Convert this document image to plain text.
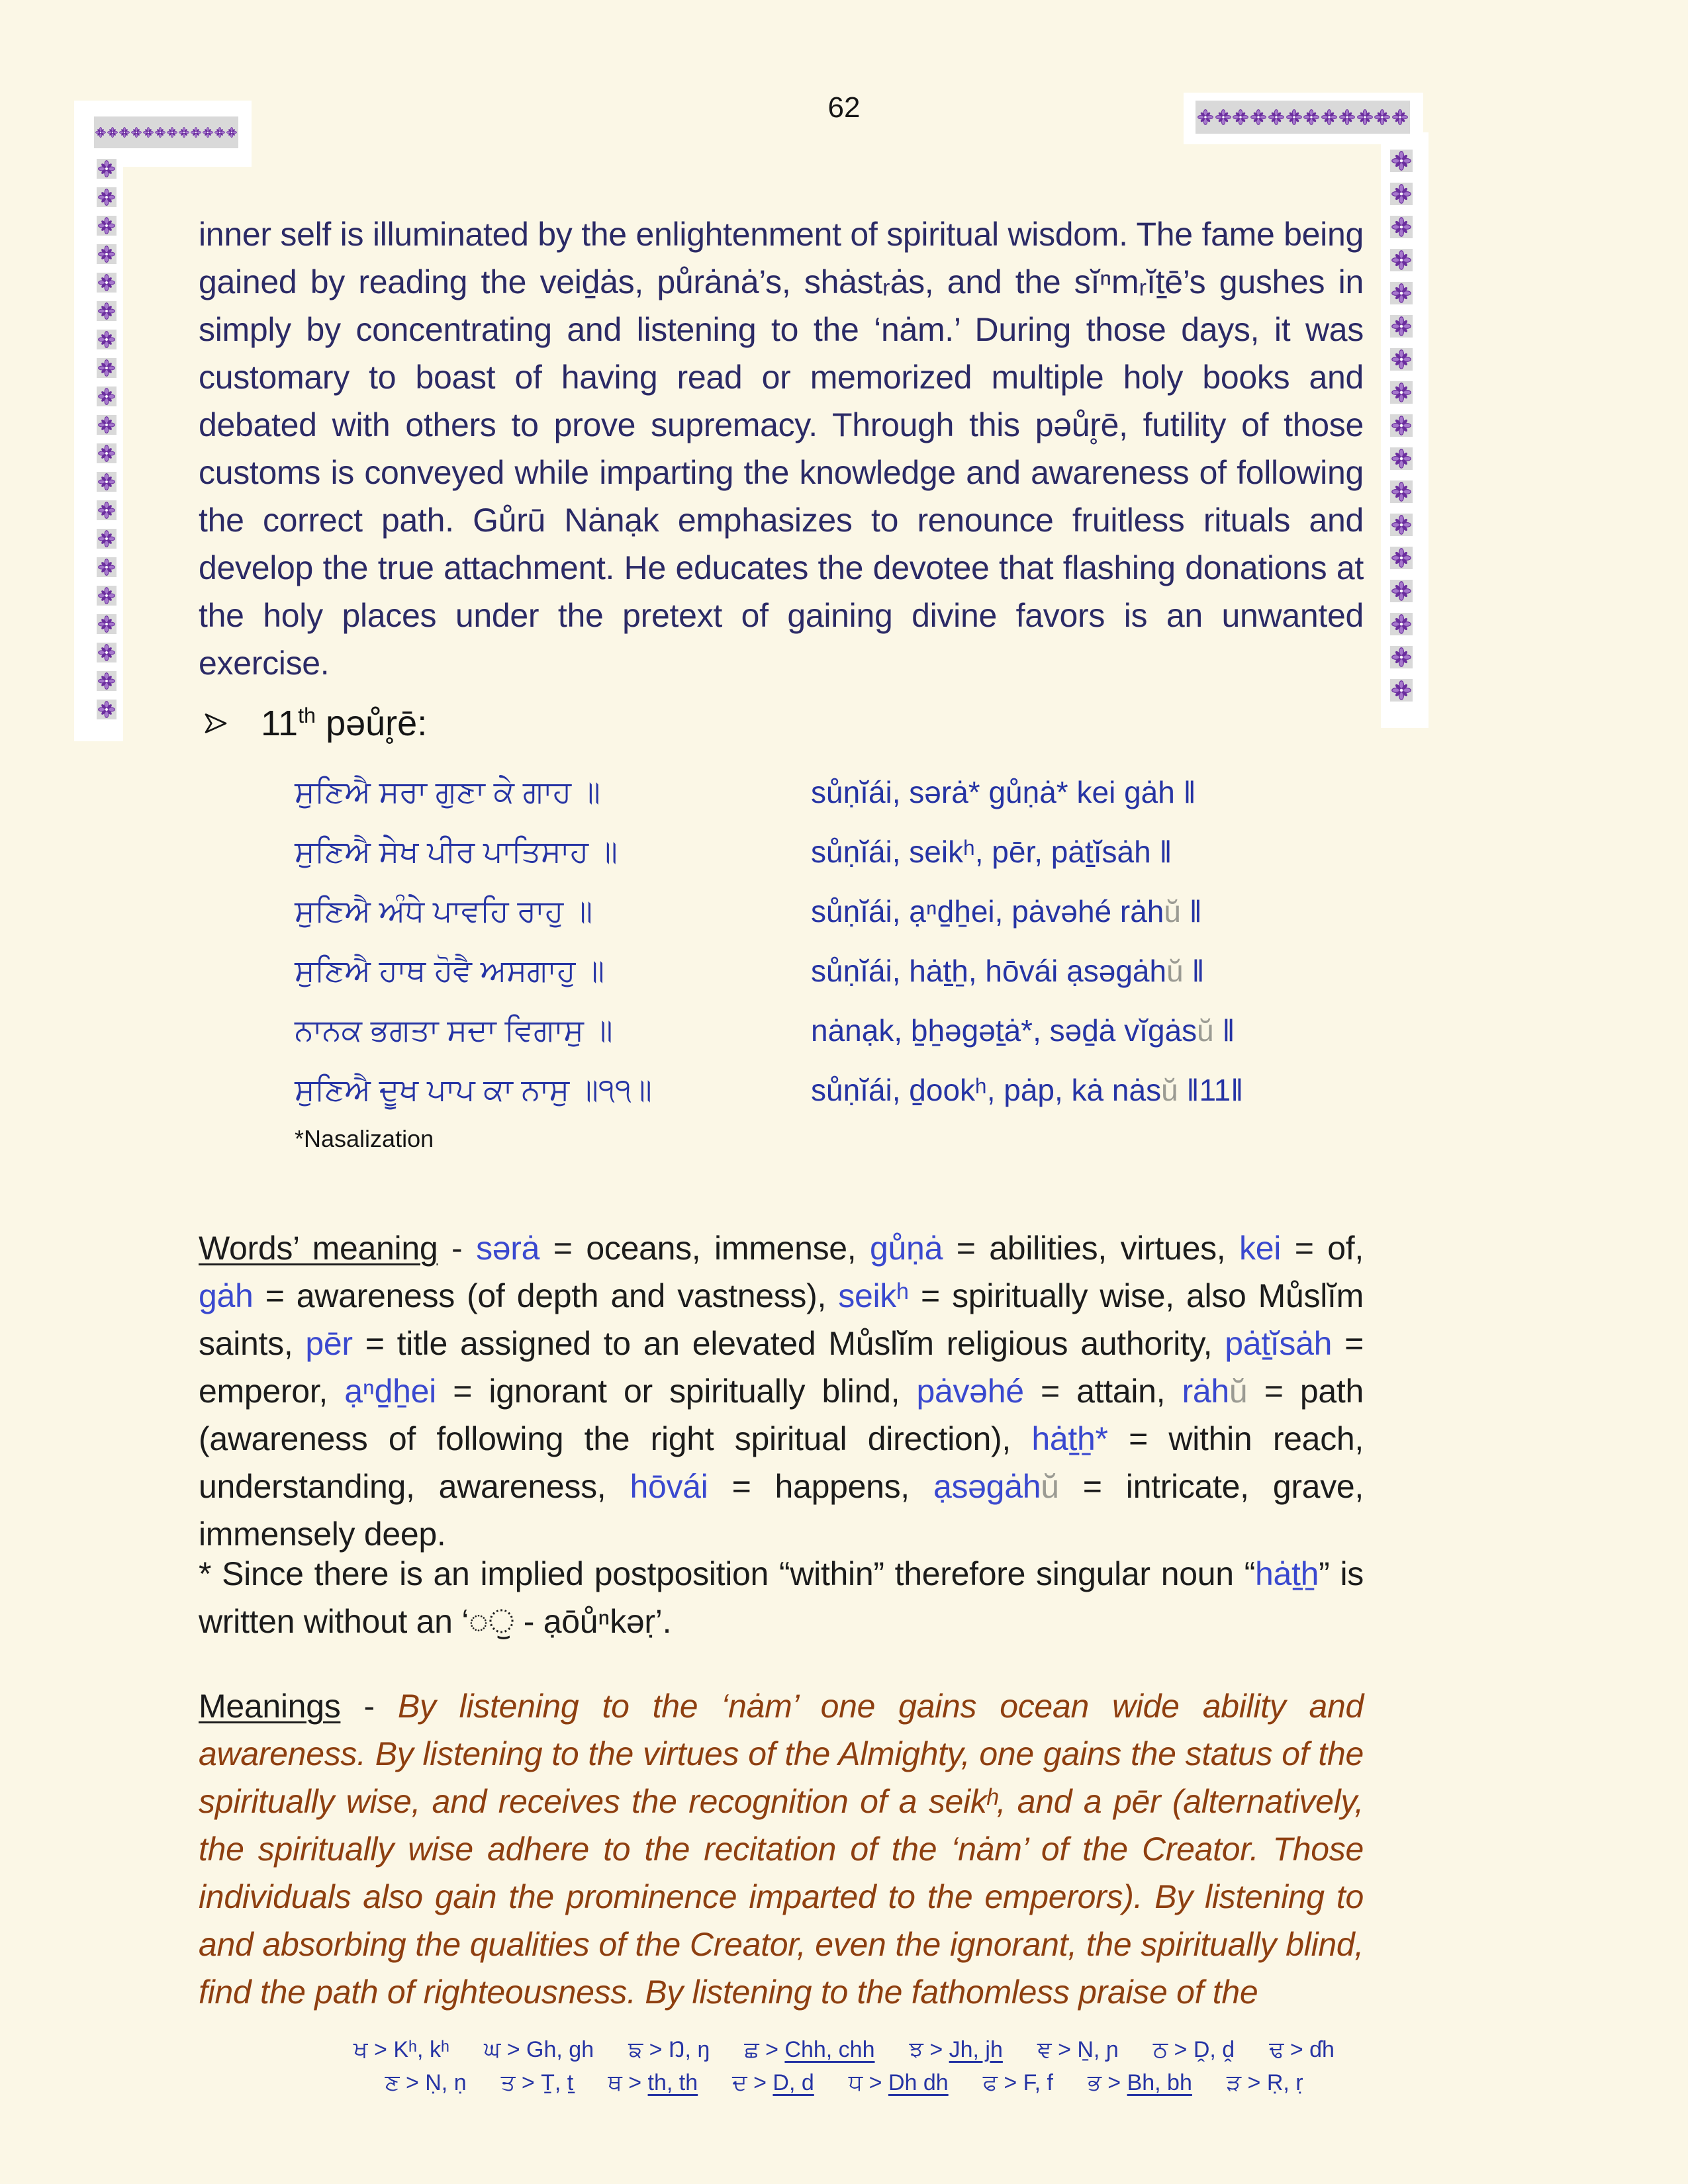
62

inner self is illuminated by the enlightenment of spiritual wisdom. The fame being gained by reading the veid̠ȧs, půrȧnȧ’s, shȧstᵣȧs, and the sĭⁿmᵣĭt̠ē’s gushes in simply by concentrating and listening to the ‘nȧm.’ During those days, it was customary to boast of having read or memorized multiple holy books and debated with others to prove supremacy. Through this pəůr̥ē, futility of those customs is conveyed while imparting the knowledge and awareness of following the correct path. Gůrū Nȧnạk emphasizes to renounce fruitless rituals and develop the true attachment. He educates the devotee that flashing donations at the holy places under the pretext of gaining divine favors is an unwanted exercise.

11th pəůr̥ē:
ਸੁਣਿਐ ਸਰਾ ਗੁਣਾ ਕੇ ਗਾਹ ॥	sůṇĭái, sərȧ* gůṇȧ* kei gȧh ‖
ਸੁਣਿਐ ਸੇਖ ਪੀਰ ਪਾਤਿਸਾਹ ॥	sůṇĭái, seikʰ, pēr, pȧt̠ĭsȧh ‖
ਸੁਣਿਐ ਅੰਧੇ ਪਾਵਹਿ ਰਾਹੁ ॥	sůṇĭái, ạⁿd̠ẖei, pȧvəhé rȧhŭ ‖
ਸੁਣਿਐ ਹਾਥ ਹੋਵੈ ਅਸਗਾਹੁ ॥	sůṇĭái, hȧt̠ẖ, hōvái ạsəgȧhŭ ‖
ਨਾਨਕ ਭਗਤਾ ਸਦਾ ਵਿਗਾਸੁ ॥	nȧnạk, b̠ẖəgət̠ȧ*, səd̠ȧ vĭgȧsŭ ‖
ਸੁਣਿਐ ਦੂਖ ਪਾਪ ਕਾ ਨਾਸੁ ॥੧੧॥	sůṇĭái, d̠ookʰ, pȧp, kȧ nȧsŭ ‖11‖
*Nasalization

Words’ meaning - sərȧ = oceans, immense, gůṇȧ = abilities, virtues, kei = of, gȧh = awareness (of depth and vastness), seikʰ = spiritually wise, also Můslĭm saints, pēr = title assigned to an elevated Můslĭm religious authority, pȧt̠ĭsȧh = emperor, ạⁿd̠ẖei = ignorant or spiritually blind, pȧvəhé = attain, rȧhŭ = path (awareness of following the right spiritual direction), hȧt̠ẖ* = within reach, understanding, awareness, hōvái = happens, ạsəgȧhŭ = intricate, grave, immensely deep.

* Since there is an implied postposition “within” therefore singular noun “hȧt̠ẖ” is written without an ‘◌ੁ - ạōůⁿkəṛ’.

Meanings - By listening to the ‘nȧm’ one gains ocean wide ability and awareness. By listening to the virtues of the Almighty, one gains the status of the spiritually wise, and receives the recognition of a seikʰ, and a pēr (alternatively, the spiritually wise adhere to the recitation of the ‘nȧm’ of the Creator. Those individuals also gain the prominence imparted to the emperors). By listening to and absorbing the qualities of the Creator, even the ignorant, the spiritually blind, find the path of righteousness. By listening to the fathomless praise of the

ਖ > Kʰ, kʰ ਘ > Gh, gh ਙ > Ŋ, ŋ ਛ > Chh, chh ਝ > Jh, jh ਞ > Ṉ, ɲ ਠ > Ḓ, ḓ ਢ > ɗh
ਣ > Ṇ, ṇ ਤ > T̠, t̠ ਥ > th, th ਦ > D, d ਧ > Dh dh ਫ > F, f ਭ > Bh, bh ੜ > Ṛ, ṛ
